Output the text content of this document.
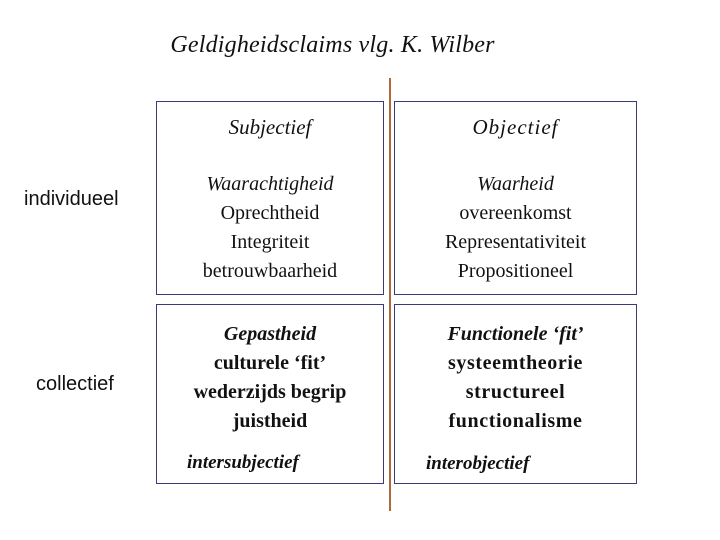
Geldigheidsclaims vlg. K. Wilber
Subjectief	Objectief
individueel
collectief
Waarachtigheid
Oprechtheid
Integriteit
betrouwbaarheid
Waarheid
overeenkomst
Representativiteit
Propositioneel
Gepastheid
culturele ‘fit’
wederzijds begrip
juistheid
Functionele ‘fit’
systeemtheorie
structureel
functionalisme
intersubjectief	interobjectief
